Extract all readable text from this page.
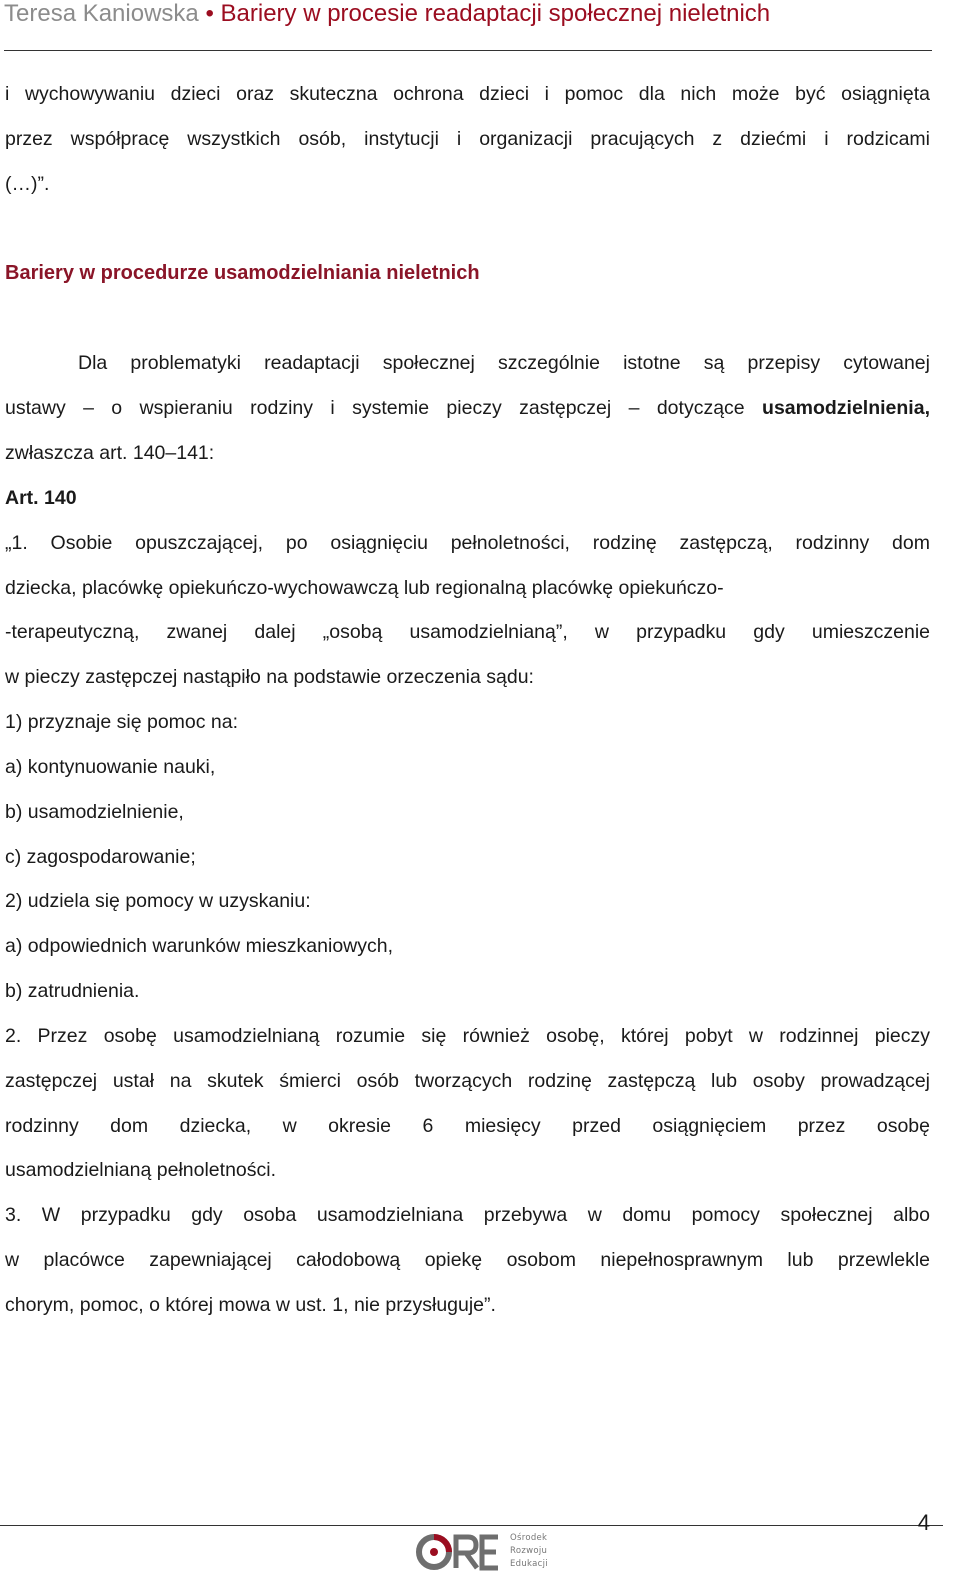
Teresa Kaniowska • Bariery w procesie readaptacji społecznej nieletnich
i wychowywaniu dzieci oraz skuteczna ochrona dzieci i pomoc dla nich może być osiągnięta
przez współpracę wszystkich osób, instytucji i organizacji pracujących z dziećmi i rodzicami
(…)”.
Bariery w procedurze usamodzielniania nieletnich
Dla problematyki readaptacji społecznej szczególnie istotne są przepisy cytowanej
ustawy – o wspieraniu rodziny i systemie pieczy zastępczej – dotyczące usamodzielnienia,
zwłaszcza art. 140–141:
Art. 140
„1. Osobie opuszczającej, po osiągnięciu pełnoletności, rodzinę zastępczą, rodzinny dom
dziecka, placówkę opiekuńczo-wychowawczą lub regionalną placówkę opiekuńczo-
-terapeutyczną, zwanej dalej „osobą usamodzielnianą”, w przypadku gdy umieszczenie
w pieczy zastępczej nastąpiło na podstawie orzeczenia sądu:
1) przyznaje się pomoc na:
a) kontynuowanie nauki,
b) usamodzielnienie,
c) zagospodarowanie;
2) udziela się pomocy w uzyskaniu:
a) odpowiednich warunków mieszkaniowych,
b) zatrudnienia.
2. Przez osobę usamodzielnianą rozumie się również osobę, której pobyt w rodzinnej pieczy
zastępczej ustał na skutek śmierci osób tworzących rodzinę zastępczą lub osoby prowadzącej
rodzinny dom dziecka, w okresie 6 miesięcy przed osiągnięciem przez osobę
usamodzielnianą pełnoletności.
3. W przypadku gdy osoba usamodzielniana przebywa w domu pomocy społecznej albo
w placówce zapewniającej całodobową opiekę osobom niepełnosprawnym lub przewlekle
chorym, pomoc, o której mowa w ust. 1, nie przysługuje”.
4
Ośrodek
Rozwoju
Edukacji
